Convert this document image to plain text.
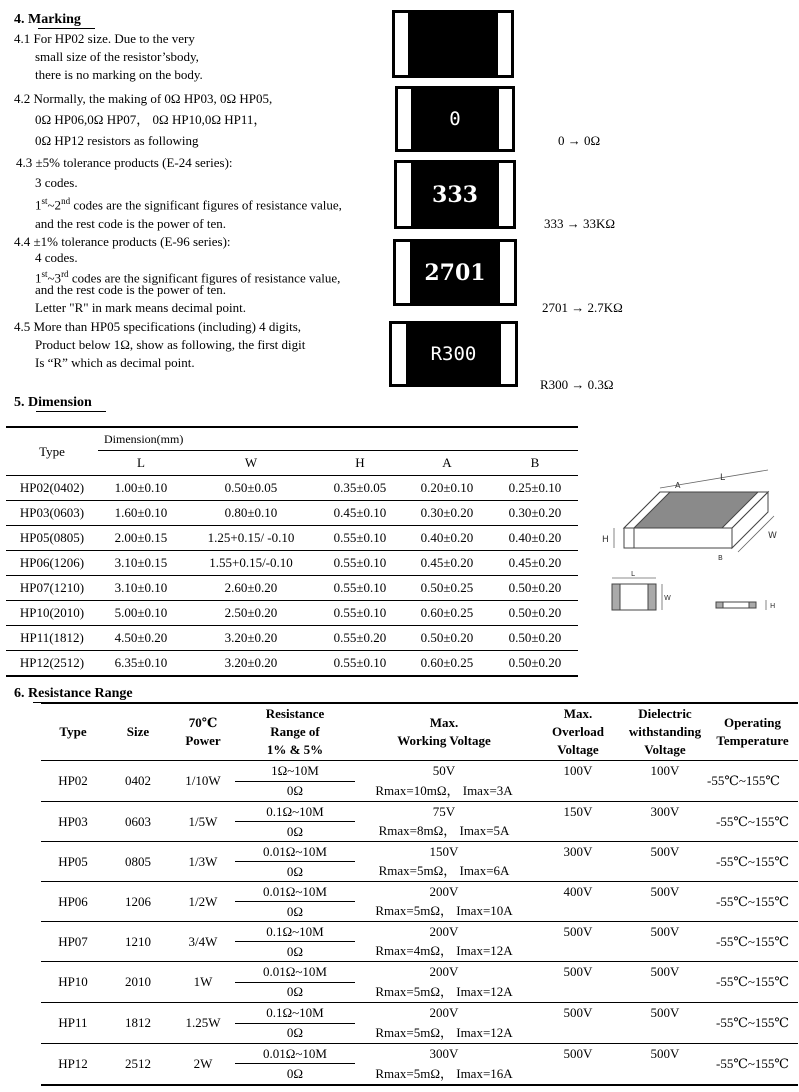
4. Marking
4.1 For HP02 size. Due to the very
small size of the resistor’sbody,
there is no marking on the body.
4.2 Normally, the making of 0Ω HP03, 0Ω HP05,
0Ω HP06,0Ω HP07， 0Ω HP10,0Ω HP11，
0Ω HP12 resistors as following
4.3 ±5% tolerance products (E-24 series):
3 codes.
1st~2nd codes are the significant figures of resistance value,
and the rest code is the power of ten.
4.4 ±1% tolerance products (E-96 series):
4 codes.
1st~3rd codes are the significant figures of resistance value,
and the rest code is the power of ten.
Letter "R" in mark means decimal point.
4.5 More than HP05 specifications (including) 4 digits,
Product below 1Ω, show as following, the first digit
Is “R” which as decimal point.
0
333
2701
R300
0 → 0Ω
333 → 33KΩ
2701 → 2.7KΩ
R300 → 0.3Ω
5. Dimension
Type	Dimension(mm)				
	L	W	H	A	B
HP02(0402)	1.00±0.10	0.50±0.05	0.35±0.05	0.20±0.10	0.25±0.10
HP03(0603)	1.60±0.10	0.80±0.10	0.45±0.10	0.30±0.20	0.30±0.20
HP05(0805)	2.00±0.15	1.25+0.15/ -0.10	0.55±0.10	0.40±0.20	0.40±0.20
HP06(1206)	3.10±0.15	1.55+0.15/-0.10	0.55±0.10	0.45±0.20	0.45±0.20
HP07(1210)	3.10±0.10	2.60±0.20	0.55±0.10	0.50±0.25	0.50±0.20
HP10(2010)	5.00±0.10	2.50±0.20	0.55±0.10	0.60±0.25	0.50±0.20
HP11(1812)	4.50±0.20	3.20±0.20	0.55±0.20	0.50±0.20	0.50±0.20
HP12(2512)	6.35±0.10	3.20±0.20	0.55±0.10	0.60±0.25	0.50±0.20
L
A
W
H
B
L
W
H
6. Resistance Range
Type	Size	70℃
Power	Resistance
Range of
1% & 5%	Max.
Working Voltage	Max.
Overload
Voltage	Dielectric
withstanding
Voltage	Operating
Temperature
HP02	0402	1/10W	1Ω~10M	50V	100V	100V	-55℃~155℃
			0Ω	Rmax=10mΩ， Imax=3A			
HP03	0603	1/5W	0.1Ω~10M	75V	150V	300V	-55℃~155℃
			0Ω	Rmax=8mΩ， Imax=5A			
HP05	0805	1/3W	0.01Ω~10M	150V	300V	500V	-55℃~155℃
			0Ω	Rmax=5mΩ， Imax=6A			
HP06	1206	1/2W	0.01Ω~10M	200V	400V	500V	-55℃~155℃
			0Ω	Rmax=5mΩ， Imax=10A			
HP07	1210	3/4W	0.1Ω~10M	200V	500V	500V	-55℃~155℃
			0Ω	Rmax=4mΩ， Imax=12A			
HP10	2010	1W	0.01Ω~10M	200V	500V	500V	-55℃~155℃
			0Ω	Rmax=5mΩ， Imax=12A			
HP11	1812	1.25W	0.1Ω~10M	200V	500V	500V	-55℃~155℃
			0Ω	Rmax=5mΩ， Imax=12A			
HP12	2512	2W	0.01Ω~10M	300V	500V	500V	-55℃~155℃
			0Ω	Rmax=5mΩ， Imax=16A			
